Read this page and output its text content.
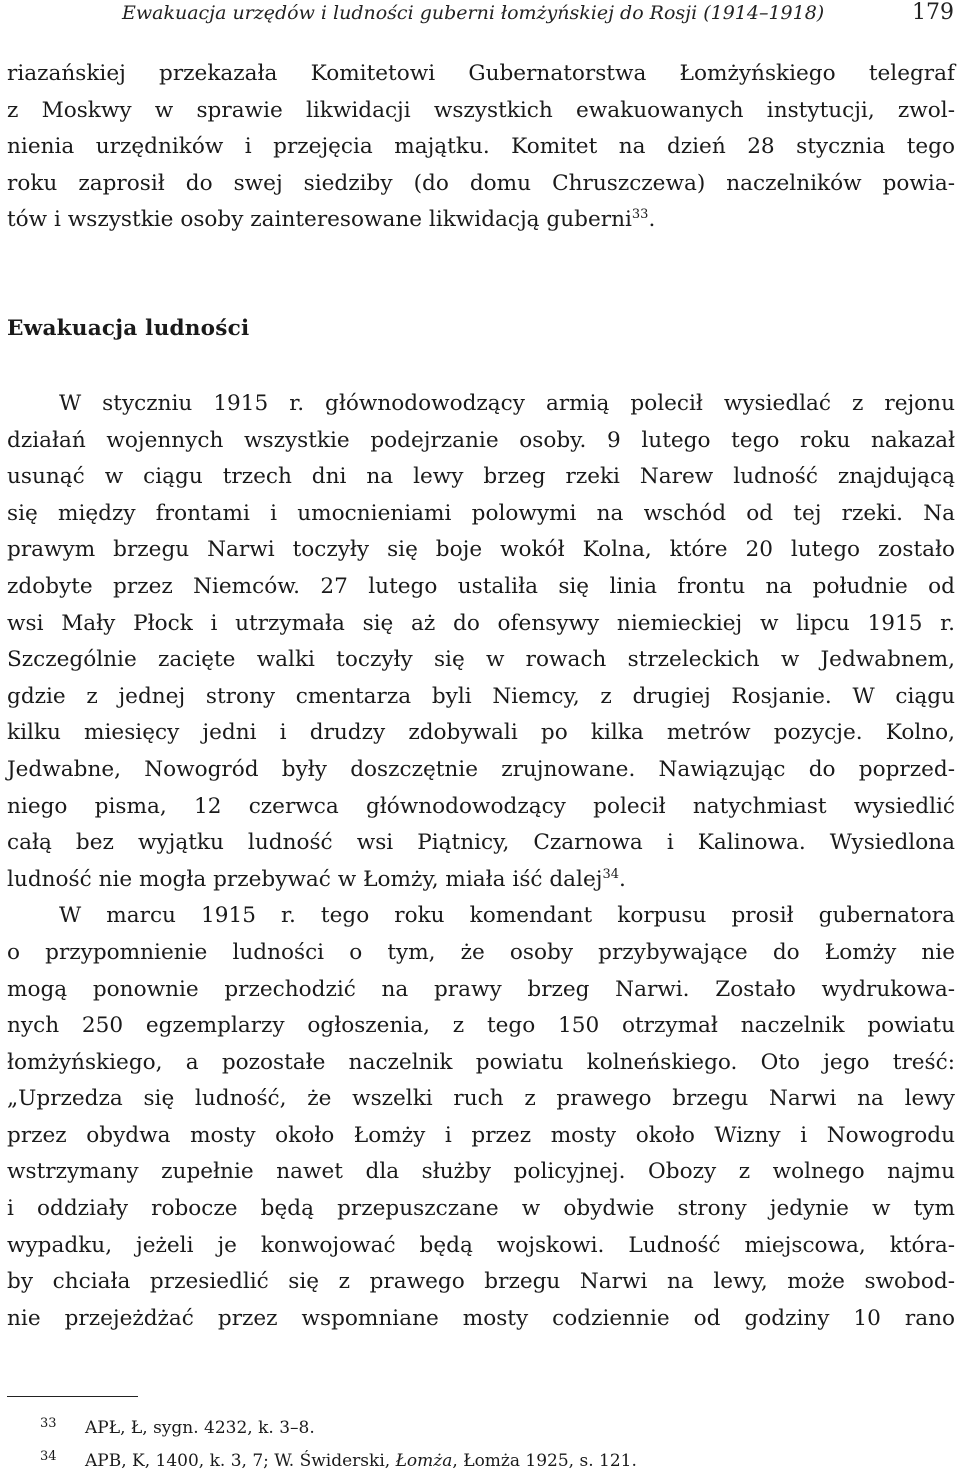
Ewakuacja urzędów i ludności guberni łomżyńskiej do Rosji (1914–1918)	179
riazańskiej przekazała Komitetowi Gubernatorstwa Łomżyńskiego telegraf
z Moskwy w sprawie likwidacji wszystkich ewakuowanych instytucji, zwol-
nienia urzędników i przejęcia majątku. Komitet na dzień 28 stycznia tego
roku zaprosił do swej siedziby (do domu Chruszczewa) naczelników powia-
tów i wszystkie osoby zainteresowane likwidacją guberni$^{33}$.
Ewakuacja ludności
W styczniu 1915 r. głównodowodzący armią polecił wysiedlać z rejonu
działań wojennych wszystkie podejrzanie osoby. 9 lutego tego roku nakazał
usunąć w ciągu trzech dni na lewy brzeg rzeki Narew ludność znajdującą
się między frontami i umocnieniami polowymi na wschód od tej rzeki. Na
prawym brzegu Narwi toczyły się boje wokół Kolna, które 20 lutego zostało
zdobyte przez Niemców. 27 lutego ustaliła się linia frontu na południe od
wsi Mały Płock i utrzymała się aż do ofensywy niemieckiej w lipcu 1915 r.
Szczególnie zacięte walki toczyły się w rowach strzeleckich w Jedwabnem,
gdzie z jednej strony cmentarza byli Niemcy, z drugiej Rosjanie. W ciągu
kilku miesięcy jedni i drudzy zdobywali po kilka metrów pozycje. Kolno,
Jedwabne, Nowogród były doszczętnie zrujnowane. Nawiązując do poprzed-
niego pisma, 12 czerwca głównodowodzący polecił natychmiast wysiedlić
całą bez wyjątku ludność wsi Piątnicy, Czarnowa i Kalinowa. Wysiedlona
ludność nie mogła przebywać w Łomży, miała iść dalej$^{34}$.
W marcu 1915 r. tego roku komendant korpusu prosił gubernatora
o przypomnienie ludności o tym, że osoby przybywające do Łomży nie
mogą ponownie przechodzić na prawy brzeg Narwi. Zostało wydrukowa-
nych 250 egzemplarzy ogłoszenia, z tego 150 otrzymał naczelnik powiatu
łomżyńskiego, a pozostałe naczelnik powiatu kolneńskiego. Oto jego treść:
„Uprzedza się ludność, że wszelki ruch z prawego brzegu Narwi na lewy
przez obydwa mosty około Łomży i przez mosty około Wizny i Nowogrodu
wstrzymany zupełnie nawet dla służby policyjnej. Obozy z wolnego najmu
i oddziały robocze będą przepuszczane w obydwie strony jedynie w tym
wypadku, jeżeli je konwojować będą wojskowi. Ludność miejscowa, która-
by chciała przesiedlić się z prawego brzegu Narwi na lewy, może swobod-
nie przejeżdżać przez wspomniane mosty codziennie od godziny 10 rano
33 APŁ, Ł, sygn. 4232, k. 3–8.
34 APB, K, 1400, k. 3, 7; W. Świderski, Łomża, Łomża 1925, s. 121.
